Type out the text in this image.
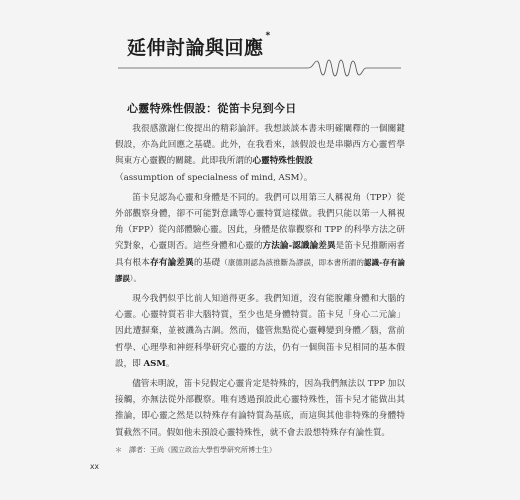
延伸討論與回應*
心靈特殊性假設：從笛卡兒到今日

我很感激謝仁俊提出的精彩論評。我想談談本書未明確闡釋的一個關鍵假設，亦為此回應之基礎。此外，在我看來，該假設也是串聯西方心靈哲學與東方心靈觀的關鍵。此即我所謂的心靈特殊性假設
（assumption of specialness of mind, ASM）。

笛卡兒認為心靈和身體是不同的。我們可以用第三人稱視角（TPP）從外部觀察身體，卻不可能對意識等心靈特質這樣做。我們只能以第一人稱視角（FPP）從內部體驗心靈。因此，身體是依靠觀察和 TPP 的科學方法之研究對象，心靈則否。這些身體和心靈的方法論-認識論差異是笛卡兒推斷兩者具有根本存有論差異的基礎（康德則認為該推斷為謬誤，即本書所謂的認識-存有論謬誤）。

現今我們似乎比前人知道得更多。我們知道，沒有能脫離身體和大腦的心靈。心靈特質若非大腦特質，至少也是身體特質。笛卡兒「身心二元論」因此遭摒棄，並被譏為古調。然而，儘管焦點從心靈轉變到身體／腦，當前哲學、心理學和神經科學研究心靈的方法，仍有一個與笛卡兒相同的基本假設，即 ASM。

儘管未明說，笛卡兒假定心靈肯定是特殊的，因為我們無法以 TPP 加以接觸，亦無法從外部觀察。唯有透過預設此心靈特殊性，笛卡兒才能做出其推論，即心靈之然是以特殊存有論特質為基底，而這與其他非特殊的身體特質截然不同。假如他未預設心靈特殊性，就不會去設想特殊存有論性質。

＊　譯者：王尚（國立政治大學哲學研究所博士生）
xx
